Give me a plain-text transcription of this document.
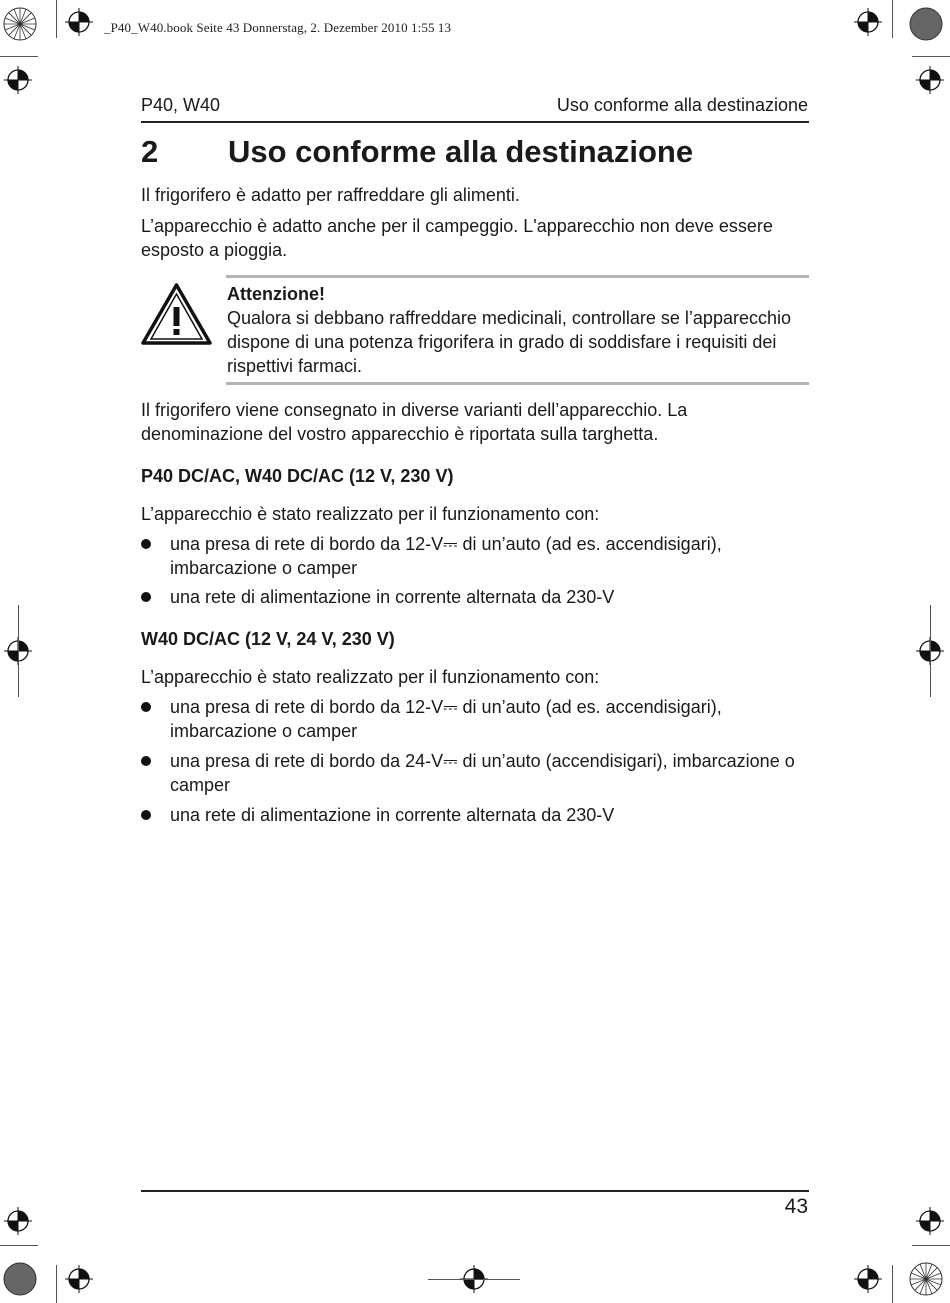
_P40_W40.book Seite 43 Donnerstag, 2. Dezember 2010 1:55 13
P40, W40	Uso conforme alla destinazione
2 Uso conforme alla destinazione
Il frigorifero è adatto per raffreddare gli alimenti.
L’apparecchio è adatto anche per il campeggio. L'apparecchio non deve essere esposto a pioggia.
Attenzione!
Qualora si debbano raffreddare medicinali, controllare se l’apparecchio dispone di una potenza frigorifera in grado di soddisfare i requisiti dei rispettivi farmaci.
Il frigorifero viene consegnato in diverse varianti dell’apparecchio. La denominazione del vostro apparecchio è riportata sulla targhetta.
P40 DC/AC, W40 DC/AC (12 V, 230 V)
L’apparecchio è stato realizzato per il funzionamento con:
una presa di rete di bordo da 12-V⎓ di un’auto (ad es. accendisigari), imbarcazione o camper
una rete di alimentazione in corrente alternata da 230-V
W40 DC/AC (12 V, 24 V, 230 V)
L’apparecchio è stato realizzato per il funzionamento con:
una presa di rete di bordo da 12-V⎓ di un’auto (ad es. accendisigari), imbarcazione o camper
una presa di rete di bordo da 24-V⎓ di un’auto (accendisigari), imbarcazione o camper
una rete di alimentazione in corrente alternata da 230-V
43
